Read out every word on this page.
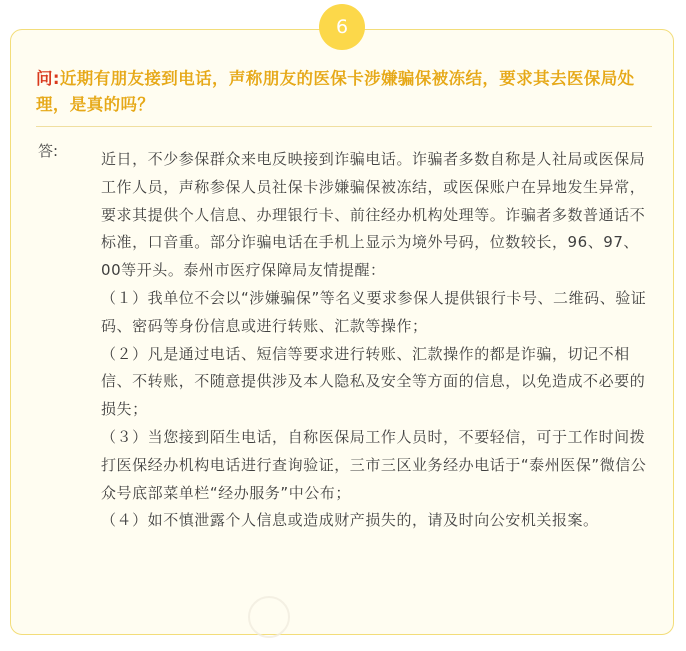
6
问:近期有朋友接到电话，声称朋友的医保卡涉嫌骗保被冻结，要求其去医保局处理，是真的吗？
答:	近日，不少参保群众来电反映接到诈骗电话。诈骗者多数自称是人社局或医保局工作人员，声称参保人员社保卡涉嫌骗保被冻结，或医保账户在异地发生异常，要求其提供个人信息、办理银行卡、前往经办机构处理等。诈骗者多数普通话不标准，口音重。部分诈骗电话在手机上显示为境外号码，位数较长，96、97、00等开头。泰州市医疗保障局友情提醒：

（１）我单位不会以“涉嫌骗保”等名义要求参保人提供银行卡号、二维码、验证码、密码等身份信息或进行转账、汇款等操作；

（２）凡是通过电话、短信等要求进行转账、汇款操作的都是诈骗，切记不相信、不转账，不随意提供涉及本人隐私及安全等方面的信息，以免造成不必要的损失；

（３）当您接到陌生电话，自称医保局工作人员时，不要轻信，可于工作时间拨打医保经办机构电话进行查询验证，三市三区业务经办电话于“泰州医保”微信公众号底部菜单栏“经办服务”中公布；

（４）如不慎泄露个人信息或造成财产损失的，请及时向公安机关报案。
